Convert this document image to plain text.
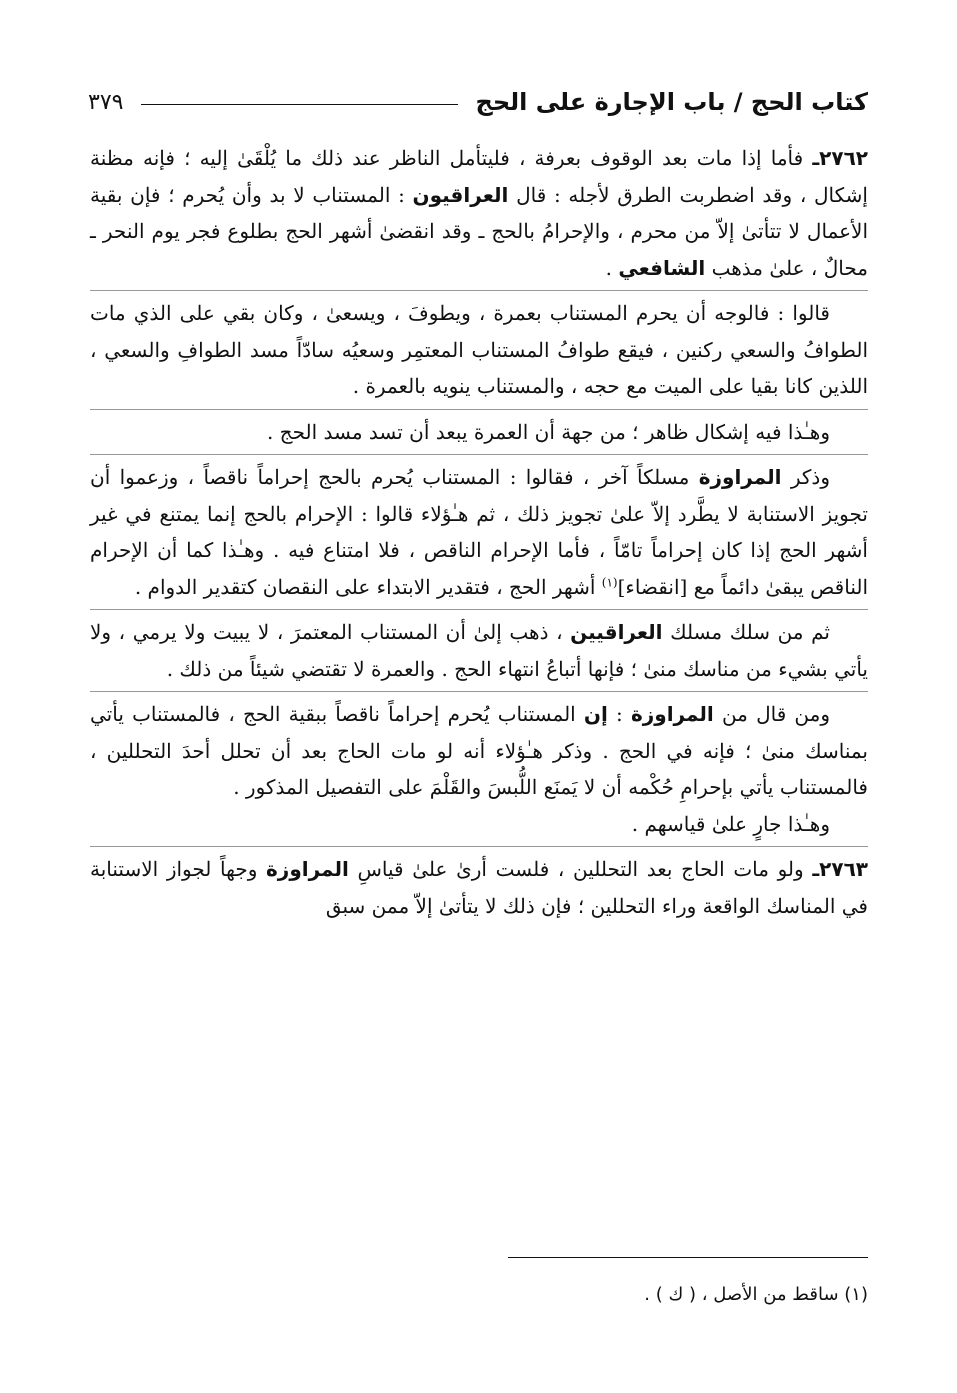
كتاب الحج / باب الإجارة على الحج
٣٧٩

٢٧٦٢ـ فأما إذا مات بعد الوقوف بعرفة ، فليتأمل الناظر عند ذلك ما يُلْقَىٰ إليه ؛ فإنه مظنة إشكال ، وقد اضطربت الطرق لأجله : قال العراقيون : المستناب لا بد وأن يُحرم ؛ فإن بقية الأعمال لا تتأتىٰ إلاّ من محرم ، والإحرامُ بالحج ـ وقد انقضىٰ أشهر الحج بطلوع فجر يوم النحر ـ محالٌ ، علىٰ مذهب الشافعي .

قالوا : فالوجه أن يحرم المستناب بعمرة ، ويطوفَ ، ويسعىٰ ، وكان بقي على الذي مات الطوافُ والسعي ركنين ، فيقع طوافُ المستناب المعتمِر وسعيُه سادّاً مسد الطوافِ والسعي ، اللذين كانا بقيا على الميت مع حجه ، والمستناب ينويه بالعمرة .

وهـٰذا فيه إشكال ظاهر ؛ من جهة أن العمرة يبعد أن تسد مسد الحج .

وذكر المراوزة مسلكاً آخر ، فقالوا : المستناب يُحرم بالحج إحراماً ناقصاً ، وزعموا أن تجويز الاستنابة لا يطَّرد إلاّ علىٰ تجويز ذلك ، ثم هـٰؤلاء قالوا : الإحرام بالحج إنما يمتنع في غير أشهر الحج إذا كان إحراماً تامّاً ، فأما الإحرام الناقص ، فلا امتناع فيه . وهـٰذا كما أن الإحرام الناقص يبقىٰ دائماً مع [انقضاء]$^{(١)}$ أشهر الحج ، فتقدير الابتداء على النقصان كتقدير الدوام .

ثم من سلك مسلك العراقيين ، ذهب إلىٰ أن المستناب المعتمرَ ، لا يبيت ولا يرمي ، ولا يأتي بشيء من مناسك منىٰ ؛ فإنها أتباعُ انتهاء الحج . والعمرة لا تقتضي شيئاً من ذلك .

ومن قال من المراوزة : إن المستناب يُحرم إحراماً ناقصاً ببقية الحج ، فالمستناب يأتي بمناسك منىٰ ؛ فإنه في الحج . وذكر هـٰؤلاء أنه لو مات الحاج بعد أن تحلل أحدَ التحللين ، فالمستناب يأتي بإحرامِ حُكْمه أن لا يَمنَع اللُّبسَ والقَلْمَ على التفصيل المذكور .

وهـٰذا جارٍ علىٰ قياسهم .

٢٧٦٣ـ ولو مات الحاج بعد التحللين ، فلست أرىٰ علىٰ قياسِ المراوزة وجهاً لجواز الاستنابة في المناسك الواقعة وراء التحللين ؛ فإن ذلك لا يتأتىٰ إلاّ ممن سبق

(١) ساقط من الأصل ، ( ك ) .
